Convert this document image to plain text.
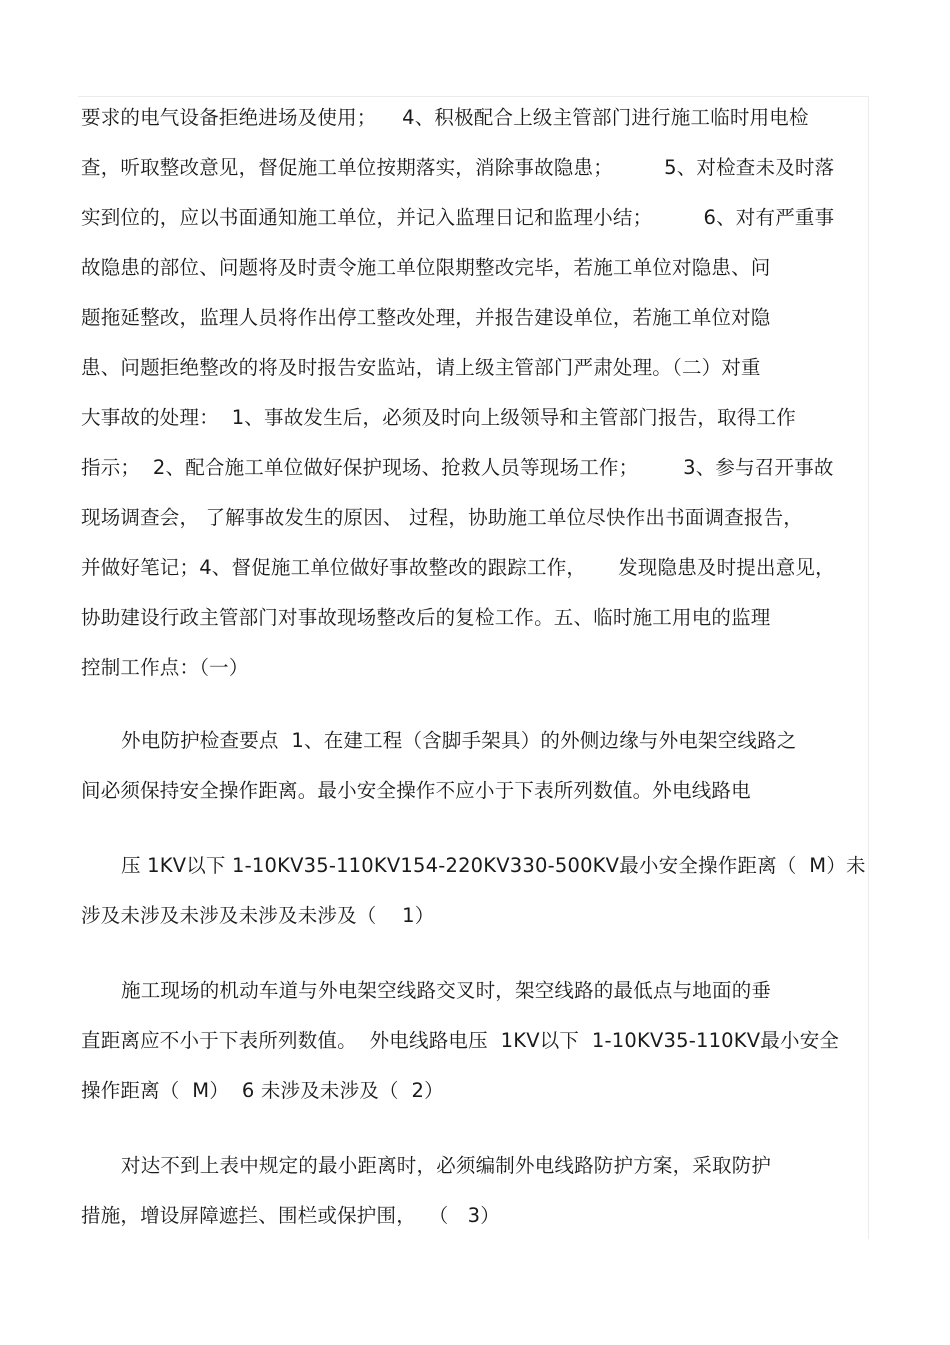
要求的电气设备拒绝进场及使用；    4、积极配合上级主管部门进行施工临时用电检
查，听取整改意见，督促施工单位按期落实，消除事故隐患；        5、对检查未及时落
实到位的，应以书面通知施工单位，并记入监理日记和监理小结；        6、对有严重事
故隐患的部位、问题将及时责令施工单位限期整改完毕，若施工单位对隐患、问
题拖延整改，监理人员将作出停工整改处理，并报告建设单位，若施工单位对隐
患、问题拒绝整改的将及时报告安监站，请上级主管部门严肃处理。（二）对重
大事故的处理：  1、事故发生后，必须及时向上级领导和主管部门报告，取得工作
指示；  2、配合施工单位做好保护现场、抢救人员等现场工作；       3、参与召开事故
现场调查会， 了解事故发生的原因、 过程，协助施工单位尽快作出书面调查报告，
并做好笔记；4、督促施工单位做好事故整改的跟踪工作，     发现隐患及时提出意见，
协助建设行政主管部门对事故现场整改后的复检工作。五、临时施工用电的监理
控制工作点：（一）
外电防护检查要点  1、在建工程（含脚手架具）的外侧边缘与外电架空线路之
间必须保持安全操作距离。最小安全操作不应小于下表所列数值。外电线路电
压 1KV以下 1-10KV35-110KV154-220KV330-500KV最小安全操作距离（  M）未
涉及未涉及未涉及未涉及未涉及（    1）
施工现场的机动车道与外电架空线路交叉时，架空线路的最低点与地面的垂
直距离应不小于下表所列数值。  外电线路电压  1KV以下  1-10KV35-110KV最小安全
操作距离（  M）  6 未涉及未涉及（  2）
对达不到上表中规定的最小距离时，必须编制外电线路防护方案，采取防护
措施，增设屏障遮拦、围栏或保护围，  （   3）
